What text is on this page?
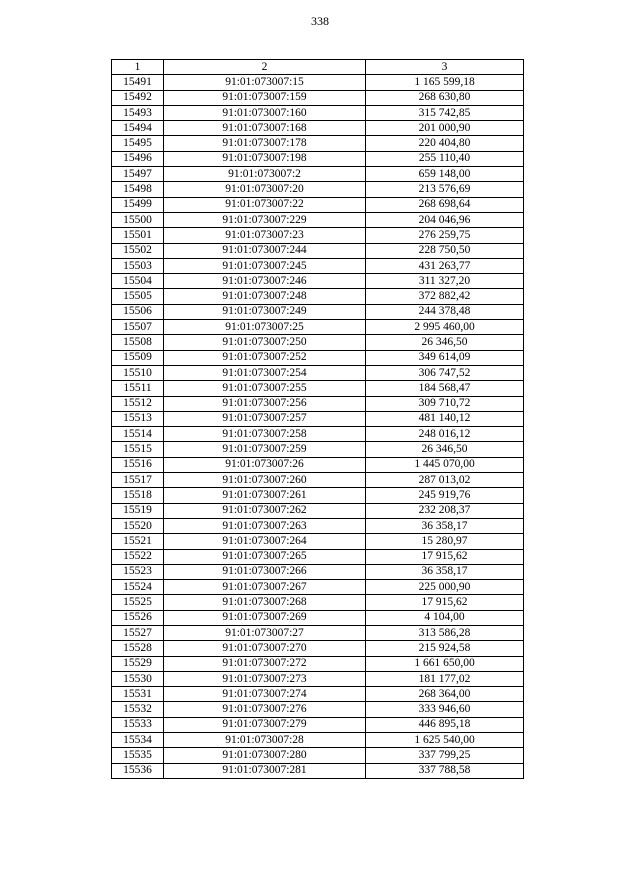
338
1	2	3
15491	91:01:073007:15	1 165 599,18
15492	91:01:073007:159	268 630,80
15493	91:01:073007:160	315 742,85
15494	91:01:073007:168	201 000,90
15495	91:01:073007:178	220 404,80
15496	91:01:073007:198	255 110,40
15497	91:01:073007:2	659 148,00
15498	91:01:073007:20	213 576,69
15499	91:01:073007:22	268 698,64
15500	91:01:073007:229	204 046,96
15501	91:01:073007:23	276 259,75
15502	91:01:073007:244	228 750,50
15503	91:01:073007:245	431 263,77
15504	91:01:073007:246	311 327,20
15505	91:01:073007:248	372 882,42
15506	91:01:073007:249	244 378,48
15507	91:01:073007:25	2 995 460,00
15508	91:01:073007:250	26 346,50
15509	91:01:073007:252	349 614,09
15510	91:01:073007:254	306 747,52
15511	91:01:073007:255	184 568,47
15512	91:01:073007:256	309 710,72
15513	91:01:073007:257	481 140,12
15514	91:01:073007:258	248 016,12
15515	91:01:073007:259	26 346,50
15516	91:01:073007:26	1 445 070,00
15517	91:01:073007:260	287 013,02
15518	91:01:073007:261	245 919,76
15519	91:01:073007:262	232 208,37
15520	91:01:073007:263	36 358,17
15521	91:01:073007:264	15 280,97
15522	91:01:073007:265	17 915,62
15523	91:01:073007:266	36 358,17
15524	91:01:073007:267	225 000,90
15525	91:01:073007:268	17 915,62
15526	91:01:073007:269	4 104,00
15527	91:01:073007:27	313 586,28
15528	91:01:073007:270	215 924,58
15529	91:01:073007:272	1 661 650,00
15530	91:01:073007:273	181 177,02
15531	91:01:073007:274	268 364,00
15532	91:01:073007:276	333 946,60
15533	91:01:073007:279	446 895,18
15534	91:01:073007:28	1 625 540,00
15535	91:01:073007:280	337 799,25
15536	91:01:073007:281	337 788,58
